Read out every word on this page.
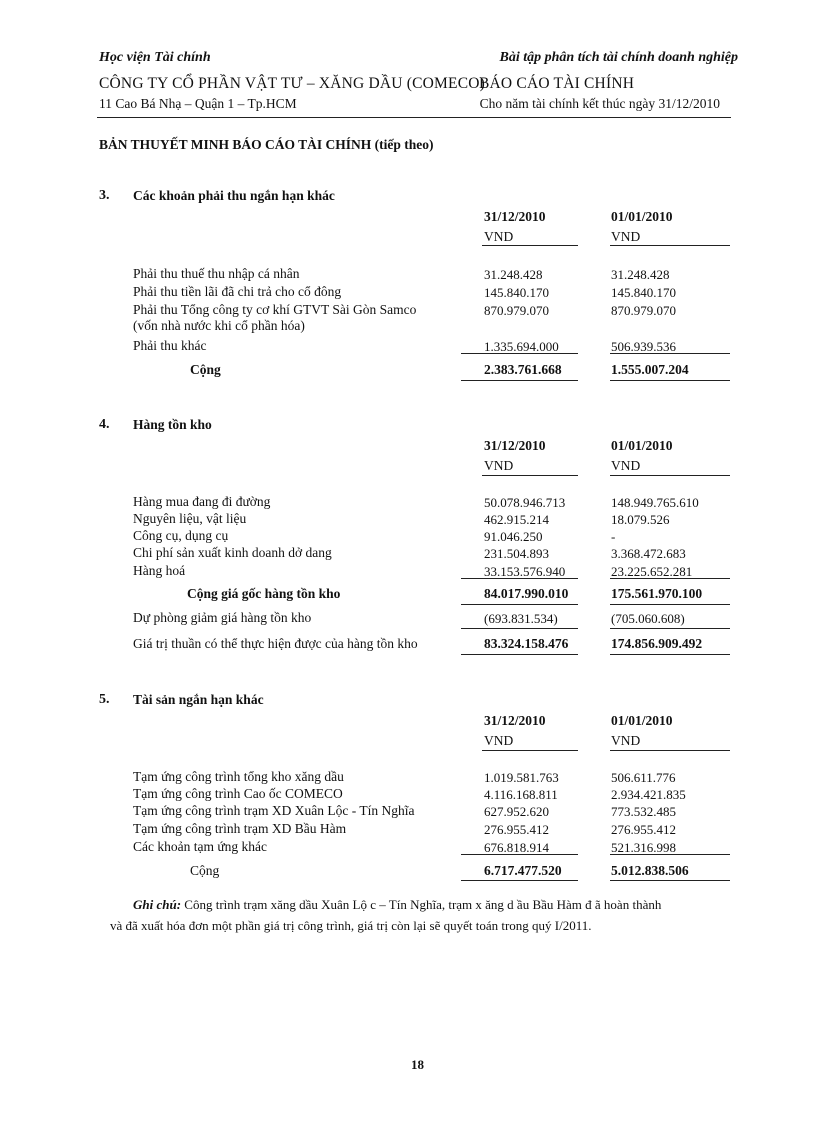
Học viện Tài chính	Bài tập phân tích tài chính doanh nghiệp
CÔNG TY CỔ PHẦN VẬT TƯ – XĂNG DẦU (COMECO)
BÁO CÁO TÀI CHÍNH
11 Cao Bá Nhạ – Quận 1 – Tp.HCM	Cho năm tài chính kết thúc ngày 31/12/2010
BẢN THUYẾT MINH BÁO CÁO TÀI CHÍNH (tiếp theo)
3. Các khoản phải thu ngắn hạn khác
31/12/2010	01/01/2010
VND	VND
Phải thu thuế thu nhập cá nhân	31.248.428	31.248.428
Phải thu tiền lãi đã chi trả cho cổ đông	145.840.170	145.840.170
Phải thu Tổng công ty cơ khí GTVT Sài Gòn Samco
(vốn nhà nước khi cổ phần hóa)
870.979.070	870.979.070
Phải thu khác	1.335.694.000	506.939.536
Cộng	2.383.761.668	1.555.007.204
4. Hàng tồn kho
31/12/2010	01/01/2010
VND	VND
Hàng mua đang đi đường	50.078.946.713	148.949.765.610
Nguyên liệu, vật liệu	462.915.214	18.079.526
Công cụ, dụng cụ	91.046.250	-
Chi phí sản xuất kinh doanh dở dang	231.504.893	3.368.472.683
Hàng hoá	33.153.576.940	23.225.652.281
Cộng giá gốc hàng tồn kho	84.017.990.010	175.561.970.100
Dự phòng giảm giá hàng tồn kho	(693.831.534)	(705.060.608)
Giá trị thuần có thể thực hiện được của hàng tồn kho	83.324.158.476	174.856.909.492
5. Tài sản ngắn hạn khác
31/12/2010	01/01/2010
VND	VND
Tạm ứng công trình tổng kho xăng dầu	1.019.581.763	506.611.776
Tạm ứng công trình Cao ốc COMECO	4.116.168.811	2.934.421.835
Tạm ứng công trình trạm XD Xuân Lộc - Tín Nghĩa	627.952.620	773.532.485
Tạm ứng công trình trạm XD Bầu Hàm	276.955.412	276.955.412
Các khoản tạm ứng khác	676.818.914	521.316.998
Cộng	6.717.477.520	5.012.838.506
Ghi chú: Công trình trạm xăng dầu Xuân Lộ c – Tín Nghĩa, trạm x ăng d ầu Bầu Hàm đ ã hoàn thành
và đã xuất hóa đơn một phần giá trị công trình, giá trị còn lại sẽ quyết toán trong quý I/2011.
18
